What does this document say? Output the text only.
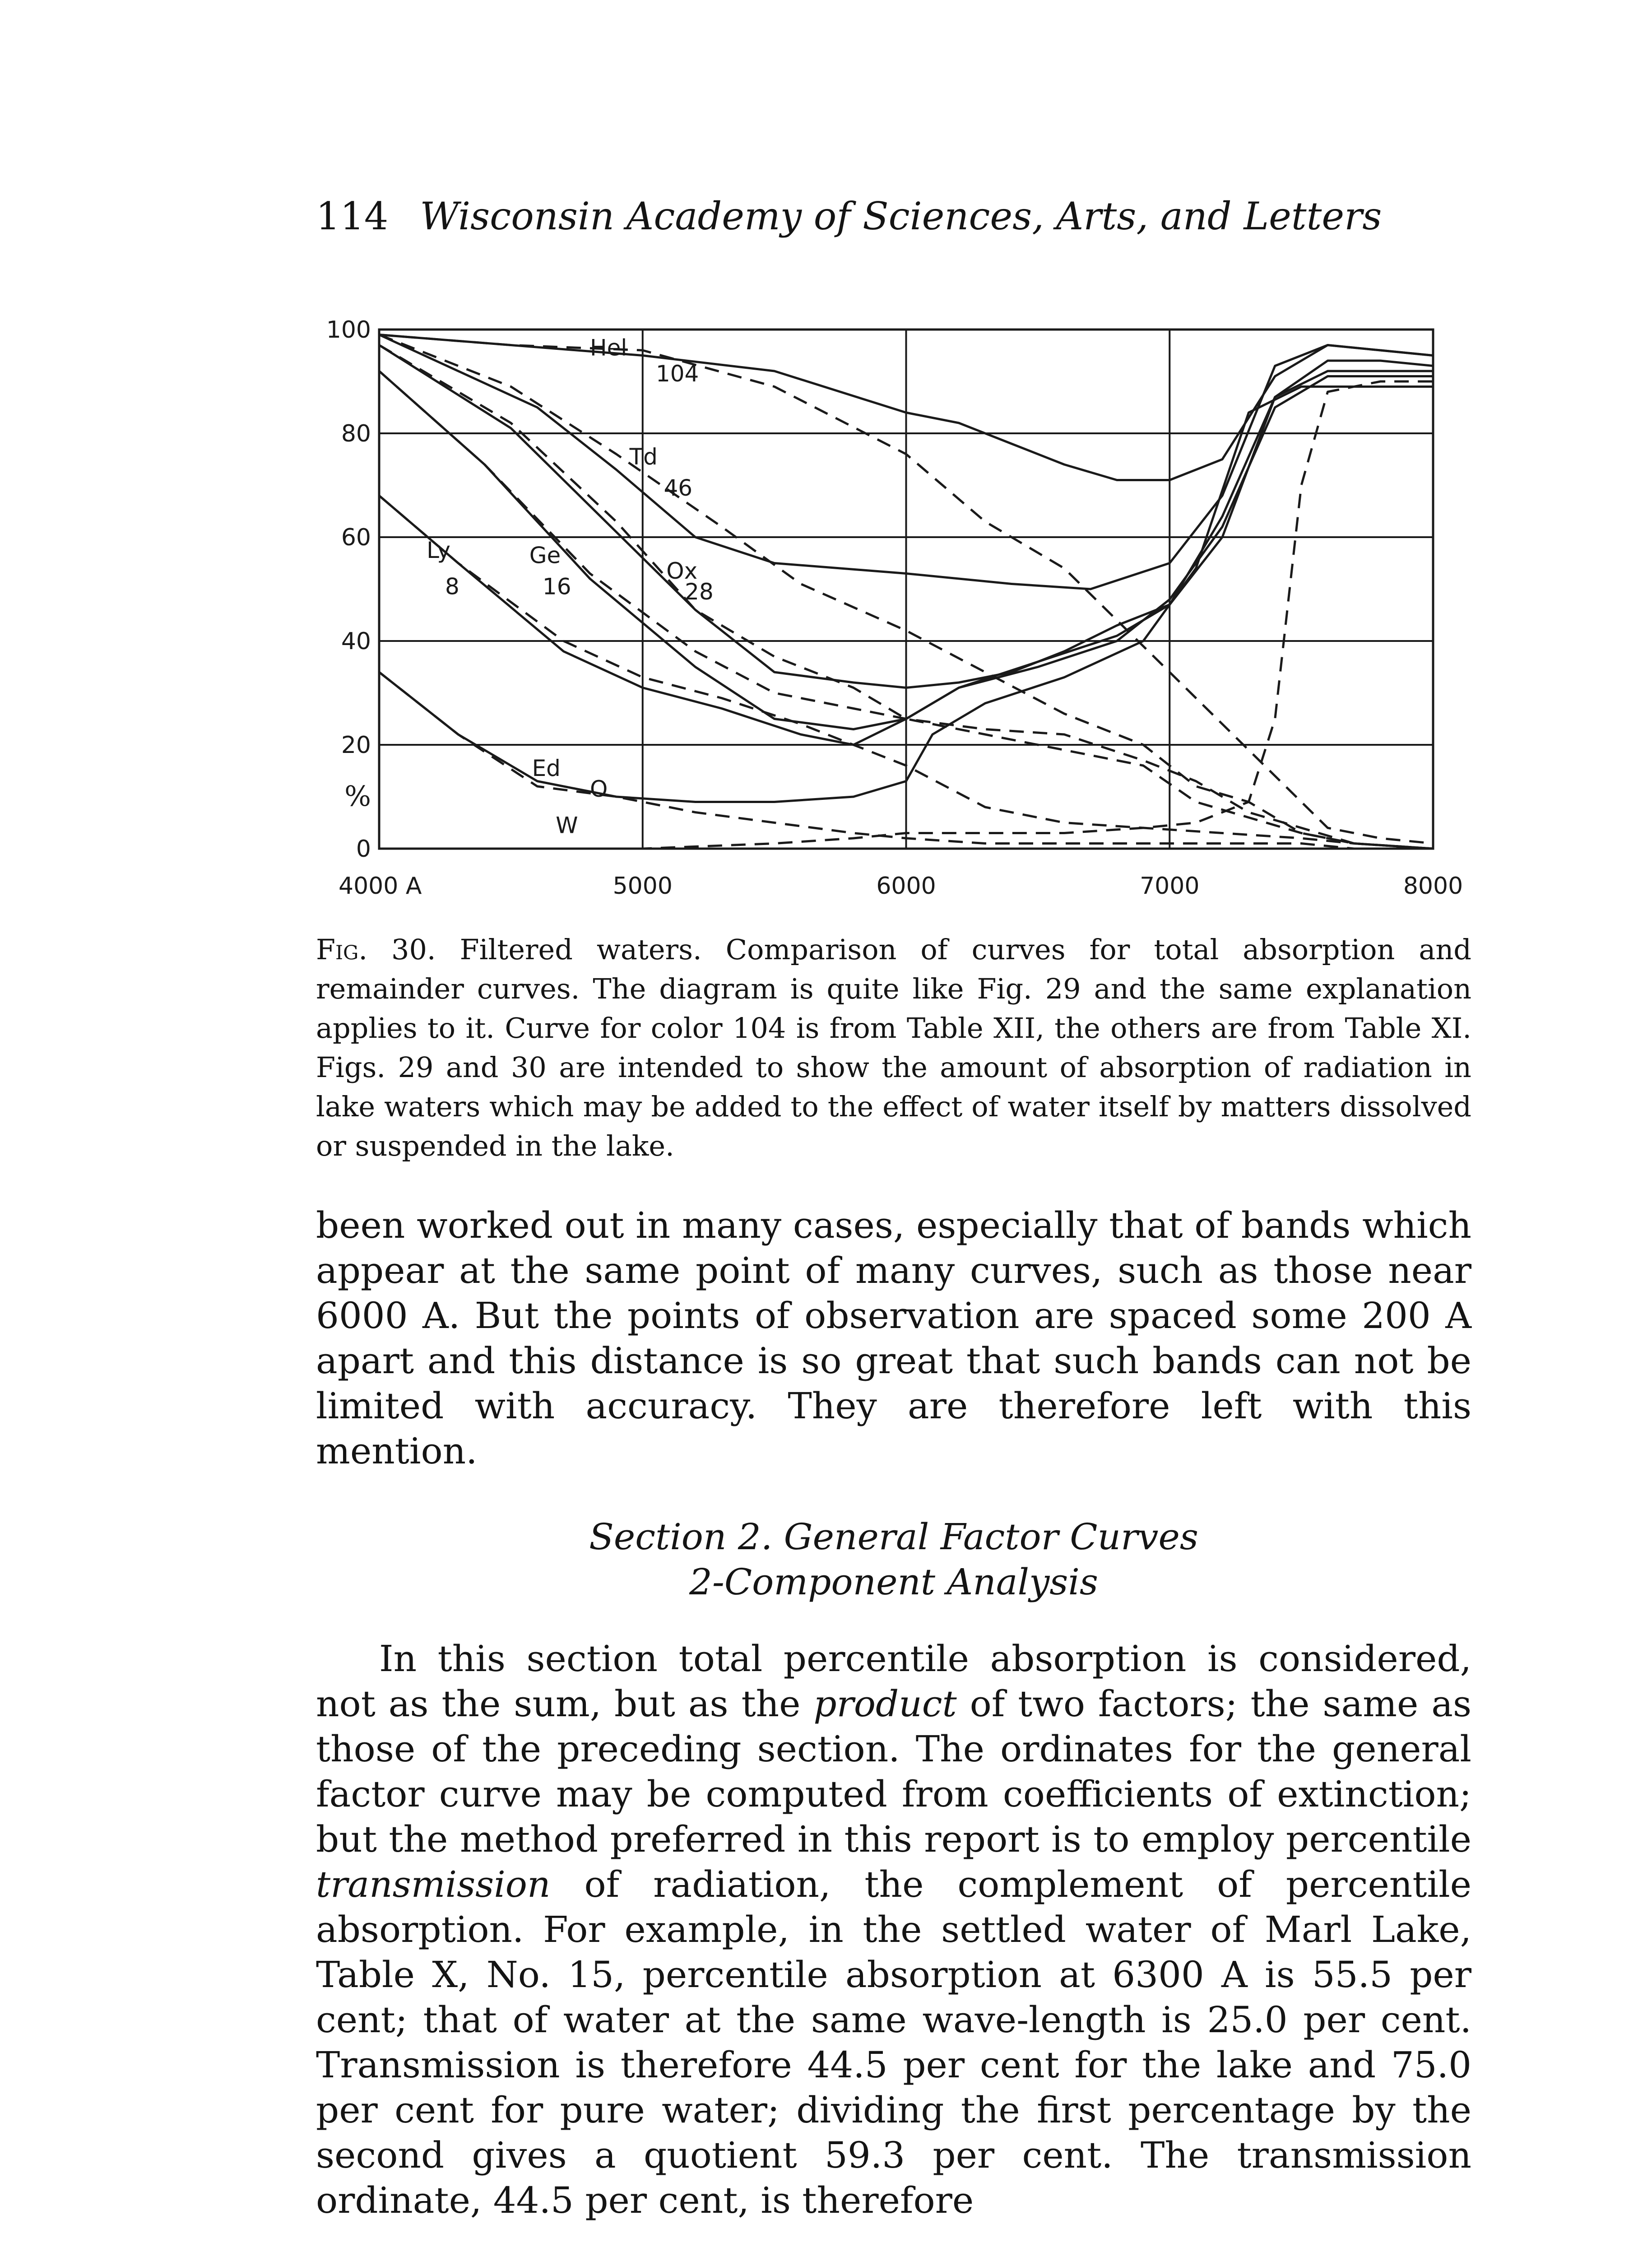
114 Wisconsin Academy of Sciences, Arts, and Letters
Hel
104
Td
46
Ox
28
Ge
16
Ly
8
Ed
O
W
0
20
40
60
80
100
4000 A	5000	6000	7000	8000
%
Fig. 30. Filtered waters. Comparison of curves for total absorption and remainder curves. The diagram is quite like Fig. 29 and the same explanation applies to it. Curve for color 104 is from Table XII, the others are from Table XI. Figs. 29 and 30 are intended to show the amount of absorption of radiation in lake waters which may be added to the effect of water itself by matters dissolved or suspended in the lake.

been worked out in many cases, especially that of bands which appear at the same point of many curves, such as those near 6000 A. But the points of observation are spaced some 200 A apart and this distance is so great that such bands can not be limited with accuracy. They are therefore left with this mention.

Section 2. General Factor Curves
2-Component Analysis

In this section total percentile absorption is considered, not as the sum, but as the product of two factors; the same as those of the preceding section. The ordinates for the general factor curve may be computed from coefficients of extinction; but the method preferred in this report is to employ percentile transmission of radiation, the complement of percentile absorption. For example, in the settled water of Marl Lake, Table X, No. 15, percentile absorption at 6300 A is 55.5 per cent; that of water at the same wave-length is 25.0 per cent. Transmission is therefore 44.5 per cent for the lake and 75.0 per cent for pure water; dividing the first percentage by the second gives a quotient 59.3 per cent. The transmission ordinate, 44.5 per cent, is therefore
